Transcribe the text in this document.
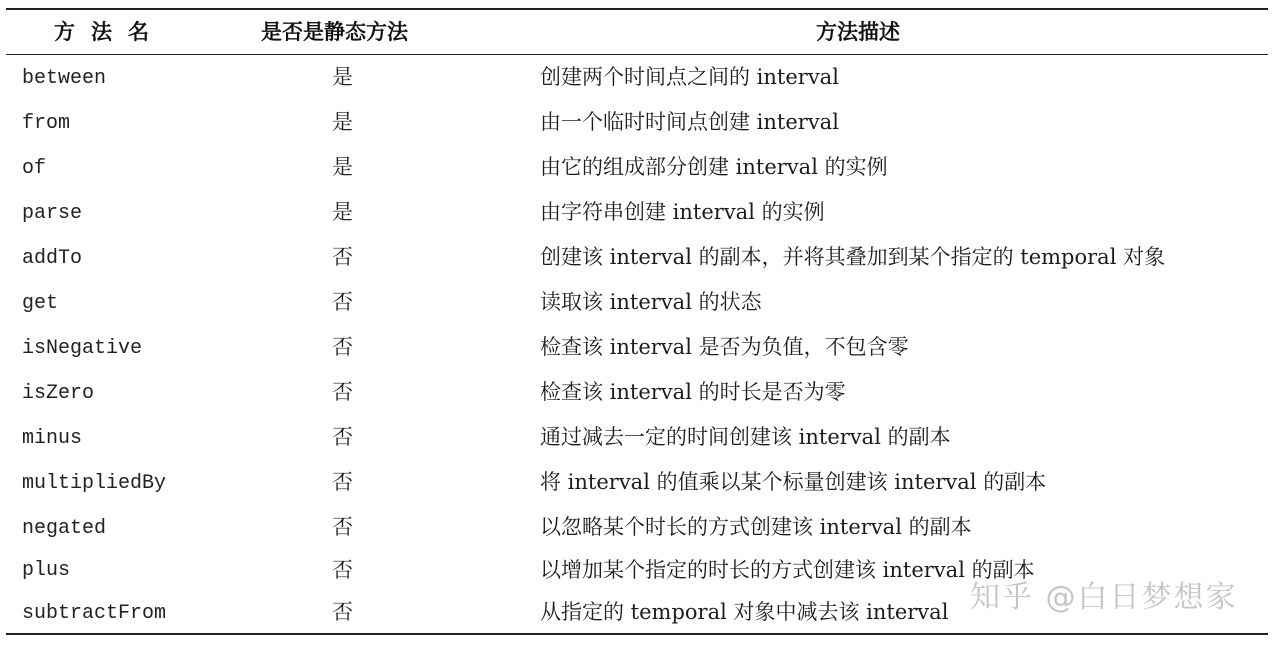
方法名	是否是静态方法	方法描述
between	是	创建两个时间点之间的 interval
from	是	由一个临时时间点创建 interval
of	是	由它的组成部分创建 interval 的实例
parse	是	由字符串创建 interval 的实例
addTo	否	创建该 interval 的副本，并将其叠加到某个指定的 temporal 对象
get	否	读取该 interval 的状态
isNegative	否	检查该 interval 是否为负值，不包含零
isZero	否	检查该 interval 的时长是否为零
minus	否	通过减去一定的时间创建该 interval 的副本
multipliedBy	否	将 interval 的值乘以某个标量创建该 interval 的副本
negated	否	以忽略某个时长的方式创建该 interval 的副本
plus	否	以增加某个指定的时长的方式创建该 interval 的副本
subtractFrom	否	从指定的 temporal 对象中减去该 interval 知乎 @白日梦想家
